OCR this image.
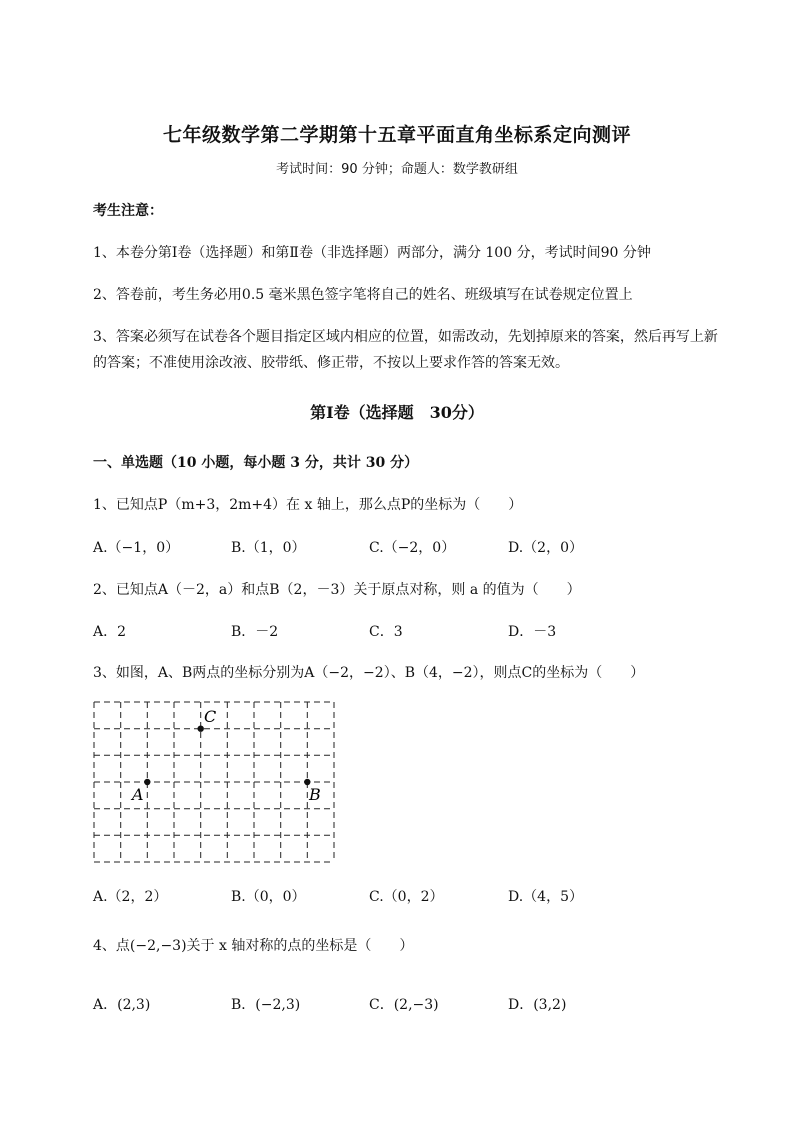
七年级数学第二学期第十五章平面直角坐标系定向测评
考试时间：90 分钟；命题人：数学教研组
考生注意：
1、本卷分第Ⅰ卷（选择题）和第Ⅱ卷（非选择题）两部分，满分 100 分，考试时间90 分钟
2、答卷前，考生务必用0.5 毫米黑色签字笔将自己的姓名、班级填写在试卷规定位置上
3、答案必须写在试卷各个题目指定区域内相应的位置，如需改动，先划掉原来的答案，然后再写上新
的答案；不准使用涂改液、胶带纸、修正带，不按以上要求作答的答案无效。
第Ⅰ卷（选择题　30分）
一、单选题（10 小题，每小题 3 分，共计 30 分）
1、已知点P（m+3，2m+4）在 x 轴上，那么点P的坐标为（　　）
A.（−1，0）	B.（1，0）	C.（−2，0）	D.（2，0）
2、已知点A（－2，a）和点B（2，－3）关于原点对称，则 a 的值为（　　）
A．2	B．－2	C．3	D．－3
3、如图，A、B两点的坐标分别为A（−2，−2）、B（4，−2），则点C的坐标为（　　）
C
A	B
A.（2，2）	B.（0，0）	C.（0，2）	D.（4，5）
4、点(−2,−3)关于 x 轴对称的点的坐标是（　　）
A．(2,3)	B．(−2,3)	C．(2,−3)	D．(3,2)
